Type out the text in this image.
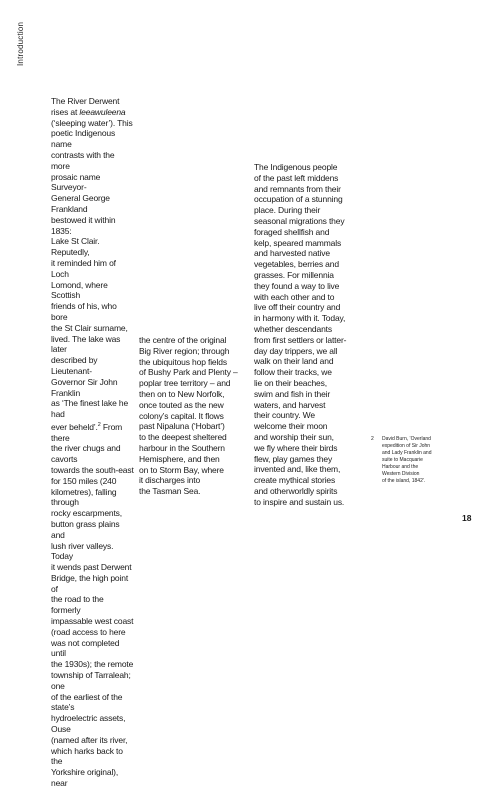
Introduction

The River Derwent
rises at leeawuleena
(‘sleeping water’). This
poetic Indigenous name
contrasts with the more
prosaic name Surveyor-
General George Frankland
bestowed it within 1835:
Lake St Clair. Reputedly,
it reminded him of Loch
Lomond, where Scottish
friends of his, who bore
the St Clair surname,
lived. The lake was later
described by Lieutenant-
Governor Sir John Franklin
as ‘The finest lake he had
ever beheld’.$^2$ From there
the river chugs and cavorts
towards the south-east
for 150 miles (240
kilometres), falling through
rocky escarpments,
button grass plains and
lush river valleys. Today
it wends past Derwent
Bridge, the high point of
the road to the formerly
impassable west coast
(road access to here
was not completed until
the 1930s); the remote
township of Tarraleah; one
of the earliest of the state’s
hydroelectric assets, Ouse
(named after its river,
which harks back to the
Yorkshire original), near

the centre of the original
Big River region; through
the ubiquitous hop fields
of Bushy Park and Plenty –
poplar tree territory – and
then on to New Norfolk,
once touted as the new
colony’s capital. It flows
past Nipaluna (‘Hobart’)
to the deepest sheltered
harbour in the Southern
Hemisphere, and then
on to Storm Bay, where
it discharges into
the Tasman Sea.

The Indigenous people
of the past left middens
and remnants from their
occupation of a stunning
place. During their
seasonal migrations they
foraged shellfish and
kelp, speared mammals
and harvested native
vegetables, berries and
grasses. For millennia
they found a way to live
with each other and to
live off their country and
in harmony with it. Today,
whether descendants
from first settlers or latter-
day day trippers, we all
walk on their land and
follow their tracks, we
lie on their beaches,
swim and fish in their
waters, and harvest
their country. We
welcome their moon
and worship their sun,
we fly where their birds
flew, play games they
invented and, like them,
create mythical stories
and otherworldly spirits
to inspire and sustain us.

2 David Burn, ‘Overland
expedition of Sir John
and Lady Franklin and
suite to Macquarie
Harbour and the
Western Division
of the island, 1842’.
18
